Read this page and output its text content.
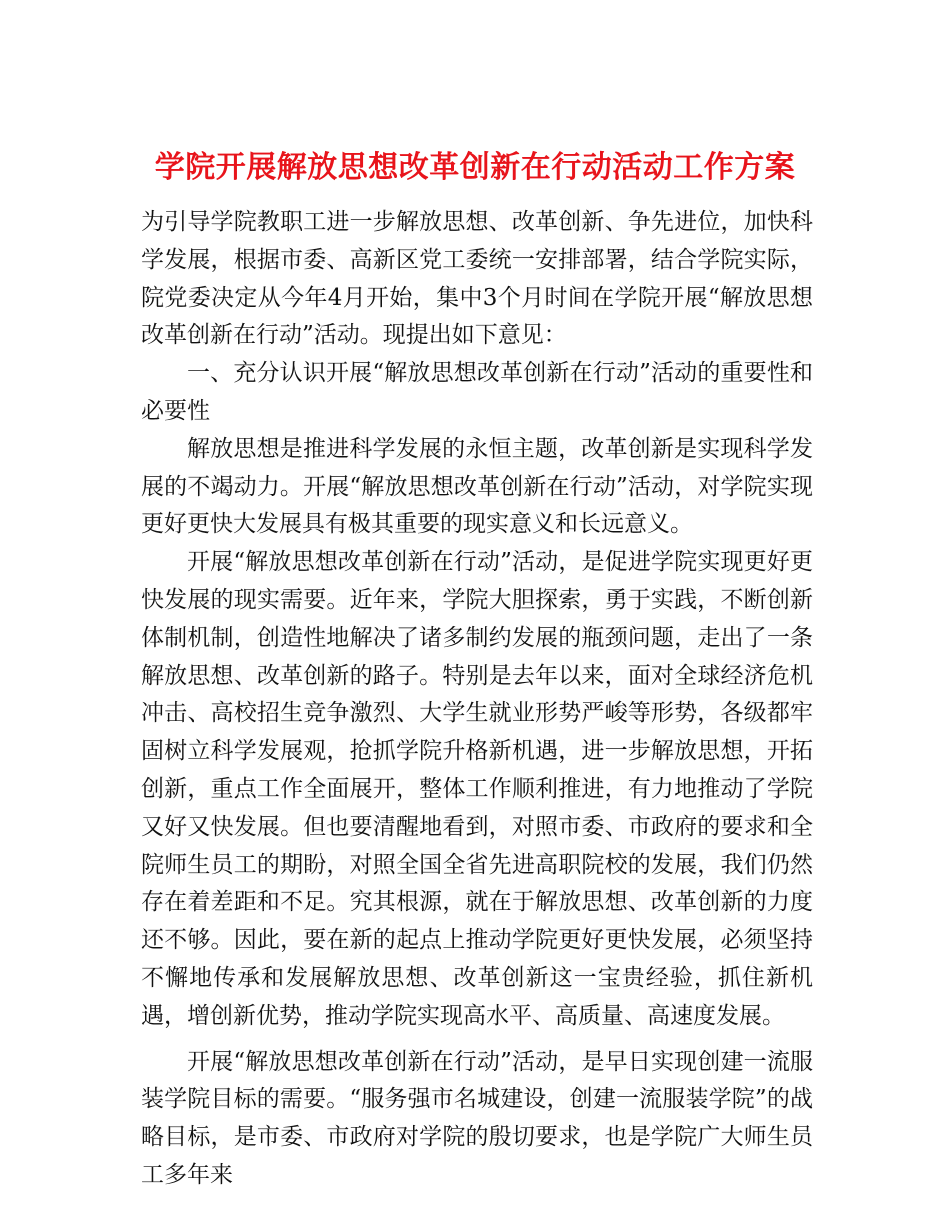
学院开展解放思想改革创新在行动活动工作方案

为引导学院教职工进一步解放思想、改革创新、争先进位，加快科学发展，根据市委、高新区党工委统一安排部署，结合学院实际，院党委决定从今年4月开始，集中3个月时间在学院开展“解放思想改革创新在行动”活动。现提出如下意见：

一、充分认识开展“解放思想改革创新在行动”活动的重要性和必要性

解放思想是推进科学发展的永恒主题，改革创新是实现科学发展的不竭动力。开展“解放思想改革创新在行动”活动，对学院实现更好更快大发展具有极其重要的现实意义和长远意义。

开展“解放思想改革创新在行动”活动，是促进学院实现更好更快发展的现实需要。近年来，学院大胆探索，勇于实践，不断创新体制机制，创造性地解决了诸多制约发展的瓶颈问题，走出了一条解放思想、改革创新的路子。特别是去年以来，面对全球经济危机冲击、高校招生竞争激烈、大学生就业形势严峻等形势，各级都牢固树立科学发展观，抢抓学院升格新机遇，进一步解放思想，开拓创新，重点工作全面展开，整体工作顺利推进，有力地推动了学院又好又快发展。但也要清醒地看到，对照市委、市政府的要求和全院师生员工的期盼，对照全国全省先进高职院校的发展，我们仍然存在着差距和不足。究其根源，就在于解放思想、改革创新的力度还不够。因此，要在新的起点上推动学院更好更快发展，必须坚持不懈地传承和发展解放思想、改革创新这一宝贵经验，抓住新机遇，增创新优势，推动学院实现高水平、高质量、高速度发展。

开展“解放思想改革创新在行动”活动，是早日实现创建一流服装学院目标的需要。“服务强市名城建设，创建一流服装学院”的战略目标，是市委、市政府对学院的殷切要求，也是学院广大师生员工多年来
